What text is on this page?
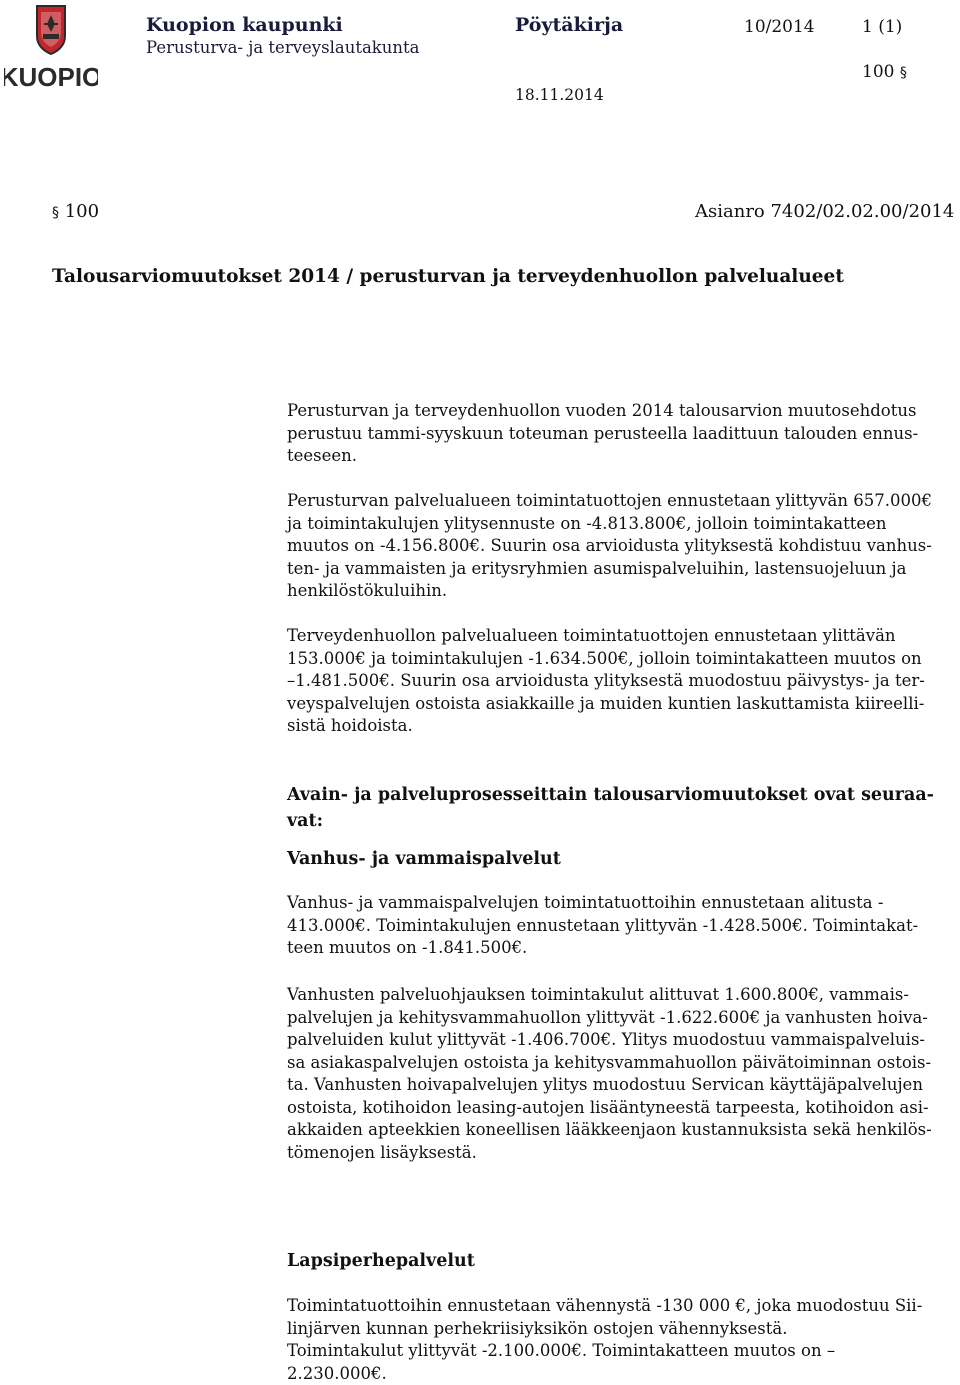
KUOPIO
Kuopion kaupunki
Perusturva- ja terveyslautakunta
Pöytäkirja	10/2014	1 (1)
100 §
18.11.2014
§ 100	Asianro 7402/02.02.00/2014
Talousarviomuutokset 2014 / perusturvan ja terveydenhuollon palvelualueet
Perusturvan ja terveydenhuollon vuoden 2014 talousarvion muutosehdotus
perustuu tammi-syyskuun toteuman perusteella laadittuun talouden ennus-
teeseen.
Perusturvan palvelualueen toimintatuottojen ennustetaan ylittyvän 657.000€
ja toimintakulujen ylitysennuste on -4.813.800€, jolloin toimintakatteen
muutos on -4.156.800€. Suurin osa arvioidusta ylityksestä kohdistuu vanhus-
ten- ja vammaisten ja eritysryhmien asumispalveluihin, lastensuojeluun ja
henkilöstökuluihin.
Terveydenhuollon palvelualueen toimintatuottojen ennustetaan ylittävän
153.000€ ja toimintakulujen -1.634.500€, jolloin toimintakatteen muutos on
–1.481.500€. Suurin osa arvioidusta ylityksestä muodostuu päivystys- ja ter-
veyspalvelujen ostoista asiakkaille ja muiden kuntien laskuttamista kiireelli-
sistä hoidoista.
Avain- ja palveluprosesseittain talousarviomuutokset ovat seuraa-
vat:
Vanhus- ja vammaispalvelut
Vanhus- ja vammaispalvelujen toimintatuottoihin ennustetaan alitusta -
413.000€. Toimintakulujen ennustetaan ylittyvän -1.428.500€. Toimintakat-
teen muutos on -1.841.500€.
Vanhusten palveluohjauksen toimintakulut alittuvat 1.600.800€, vammais-
palvelujen ja kehitysvammahuollon ylittyvät -1.622.600€ ja vanhusten hoiva-
palveluiden kulut ylittyvät -1.406.700€. Ylitys muodostuu vammaispalveluis-
sa asiakaspalvelujen ostoista ja kehitysvammahuollon päivätoiminnan ostois-
ta. Vanhusten hoivapalvelujen ylitys muodostuu Servican käyttäjäpalvelujen
ostoista, kotihoidon leasing-autojen lisääntyneestä tarpeesta, kotihoidon asi-
akkaiden apteekkien koneellisen lääkkeenjaon kustannuksista sekä henkilös-
tömenojen lisäyksestä.
Lapsiperhepalvelut
Toimintatuottoihin ennustetaan vähennystä -130 000 €, joka muodostuu Sii-
linjärven kunnan perhekriisiyksikön ostojen vähennyksestä.
Toimintakulut ylittyvät -2.100.000€. Toimintakatteen muutos on –
2.230.000€.
